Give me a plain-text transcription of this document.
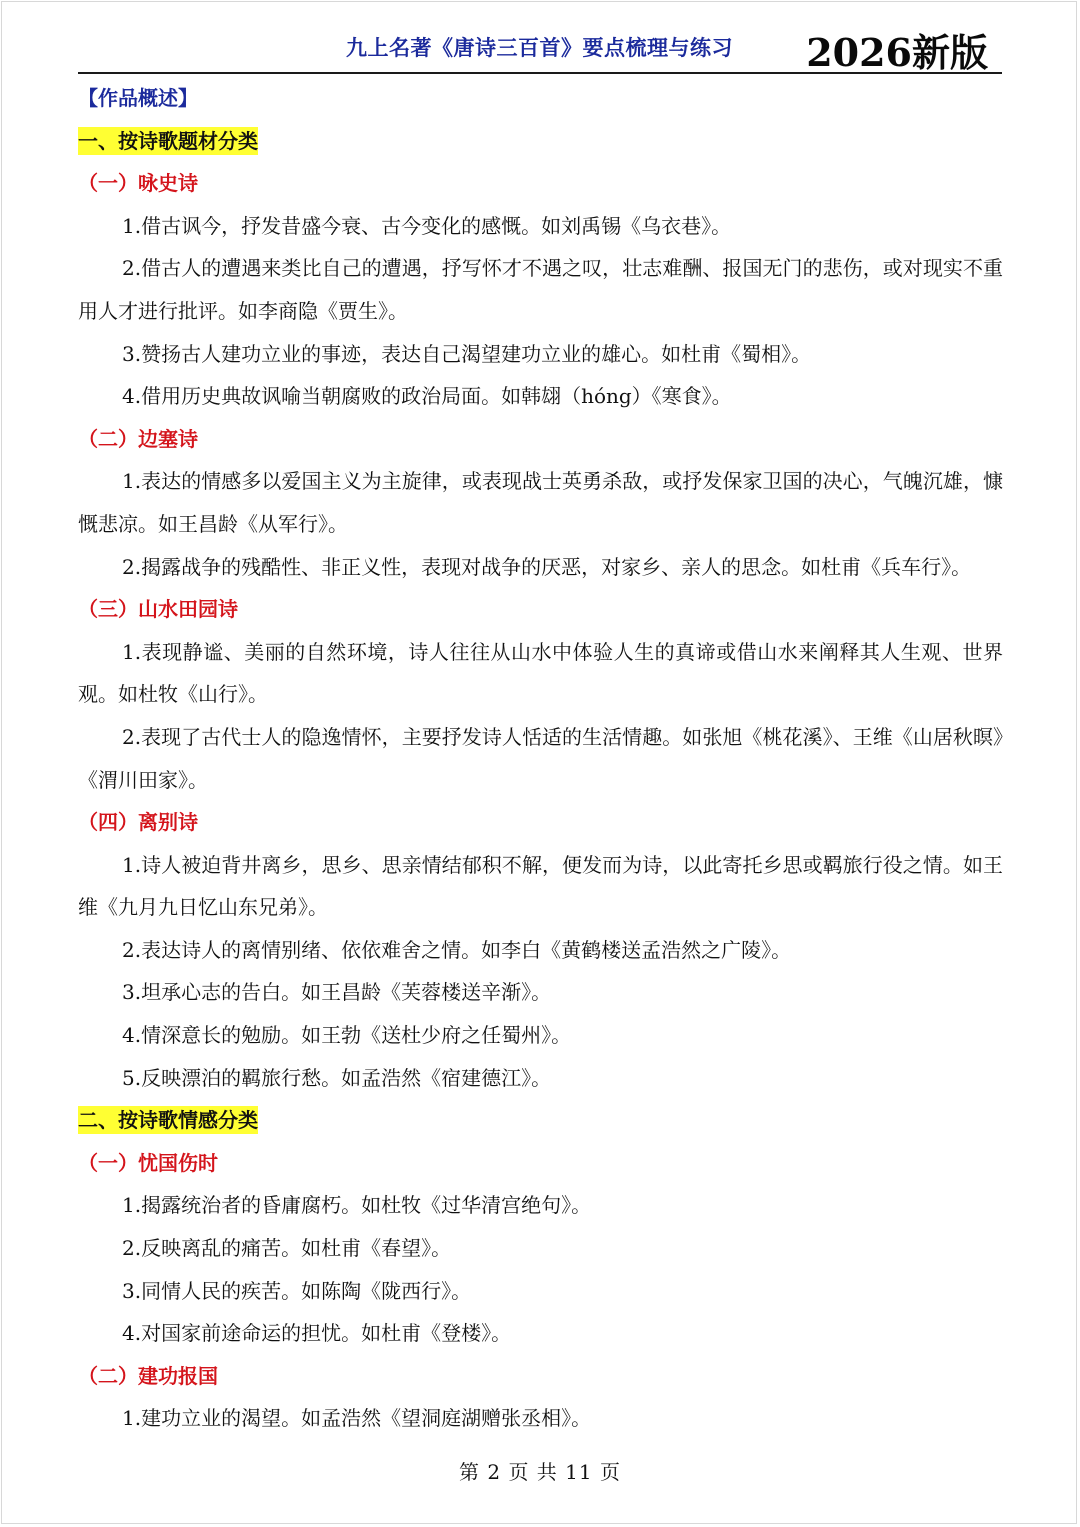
九上名著《唐诗三百首》要点梳理与练习 2026新版
【作品概述】
一、按诗歌题材分类
（一）咏史诗
1.借古讽今，抒发昔盛今衰、古今变化的感慨。如刘禹锡《乌衣巷》。
2.借古人的遭遇来类比自己的遭遇，抒写怀才不遇之叹，壮志难酬、报国无门的悲伤，或对现实不重用人才进行批评。如李商隐《贾生》。
3.赞扬古人建功立业的事迹，表达自己渴望建功立业的雄心。如杜甫《蜀相》。
4.借用历史典故讽喻当朝腐败的政治局面。如韩翃（hóng）《寒食》。
（二）边塞诗
1.表达的情感多以爱国主义为主旋律，或表现战士英勇杀敌，或抒发保家卫国的决心，气魄沉雄，慷慨悲凉。如王昌龄《从军行》。
2.揭露战争的残酷性、非正义性，表现对战争的厌恶，对家乡、亲人的思念。如杜甫《兵车行》。
（三）山水田园诗
1.表现静谧、美丽的自然环境，诗人往往从山水中体验人生的真谛或借山水来阐释其人生观、世界观。如杜牧《山行》。
2.表现了古代士人的隐逸情怀，主要抒发诗人恬适的生活情趣。如张旭《桃花溪》、王维《山居秋暝》《渭川田家》。
（四）离别诗
1.诗人被迫背井离乡，思乡、思亲情结郁积不解，便发而为诗，以此寄托乡思或羁旅行役之情。如王维《九月九日忆山东兄弟》。
2.表达诗人的离情别绪、依依难舍之情。如李白《黄鹤楼送孟浩然之广陵》。
3.坦承心志的告白。如王昌龄《芙蓉楼送辛渐》。
4.情深意长的勉励。如王勃《送杜少府之任蜀州》。
5.反映漂泊的羁旅行愁。如孟浩然《宿建德江》。
二、按诗歌情感分类
（一）忧国伤时
1.揭露统治者的昏庸腐朽。如杜牧《过华清宫绝句》。
2.反映离乱的痛苦。如杜甫《春望》。
3.同情人民的疾苦。如陈陶《陇西行》。
4.对国家前途命运的担忧。如杜甫《登楼》。
（二）建功报国
1.建功立业的渴望。如孟浩然《望洞庭湖赠张丞相》。
第 2 页 共 11 页
